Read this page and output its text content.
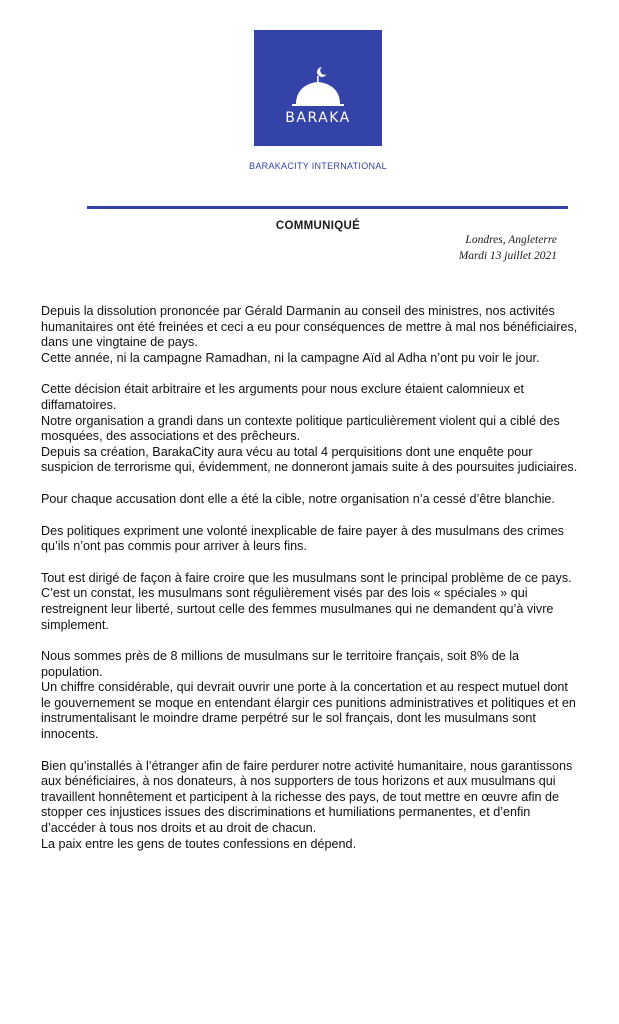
BARAKA
BARAKACITY INTERNATIONAL
COMMUNIQUÉ
Londres, Angleterre
Mardi 13 juillet 2021
Depuis la dissolution prononcée par Gérald Darmanin au conseil des ministres, nos activités humanitaires ont été freinées et ceci a eu pour conséquences de mettre à mal nos bénéficiaires, dans une vingtaine de pays.
Cette année, ni la campagne Ramadhan, ni la campagne Aïd al Adha n’ont pu voir le jour.
Cette décision était arbitraire et les arguments pour nous exclure étaient calomnieux et diffamatoires.
Notre organisation a grandi dans un contexte politique particulièrement violent qui a ciblé des mosquées, des associations et des prêcheurs.
Depuis sa création, BarakaCity aura vécu au total 4 perquisitions dont une enquête pour suspicion de terrorisme qui, évidemment, ne donneront jamais suite à des poursuites judiciaires.
Pour chaque accusation dont elle a été la cible, notre organisation n’a cessé d’être blanchie.
Des politiques expriment une volonté inexplicable de faire payer à des musulmans des crimes qu’ils n’ont pas commis pour arriver à leurs fins.
Tout est dirigé de façon à faire croire que les musulmans sont le principal problème de ce pays.
C’est un constat, les musulmans sont régulièrement visés par des lois « spéciales » qui restreignent leur liberté, surtout celle des femmes musulmanes qui ne demandent qu’à vivre simplement.
Nous sommes près de 8 millions de musulmans sur le territoire français, soit 8% de la population.
Un chiffre considérable, qui devrait ouvrir une porte à la concertation et au respect mutuel dont le gouvernement se moque en entendant élargir ces punitions administratives et politiques et en instrumentalisant le moindre drame perpétré sur le sol français, dont les musulmans sont innocents.
Bien qu’installés à l’étranger afin de faire perdurer notre activité humanitaire, nous garantissons aux bénéficiaires, à nos donateurs, à nos supporters de tous horizons et aux musulmans qui travaillent honnêtement et participent à la richesse des pays, de tout mettre en œuvre afin de stopper ces injustices issues des discriminations et humiliations permanentes, et d’enfin d’accéder à tous nos droits et au droit de chacun.
La paix entre les gens de toutes confessions en dépend.
